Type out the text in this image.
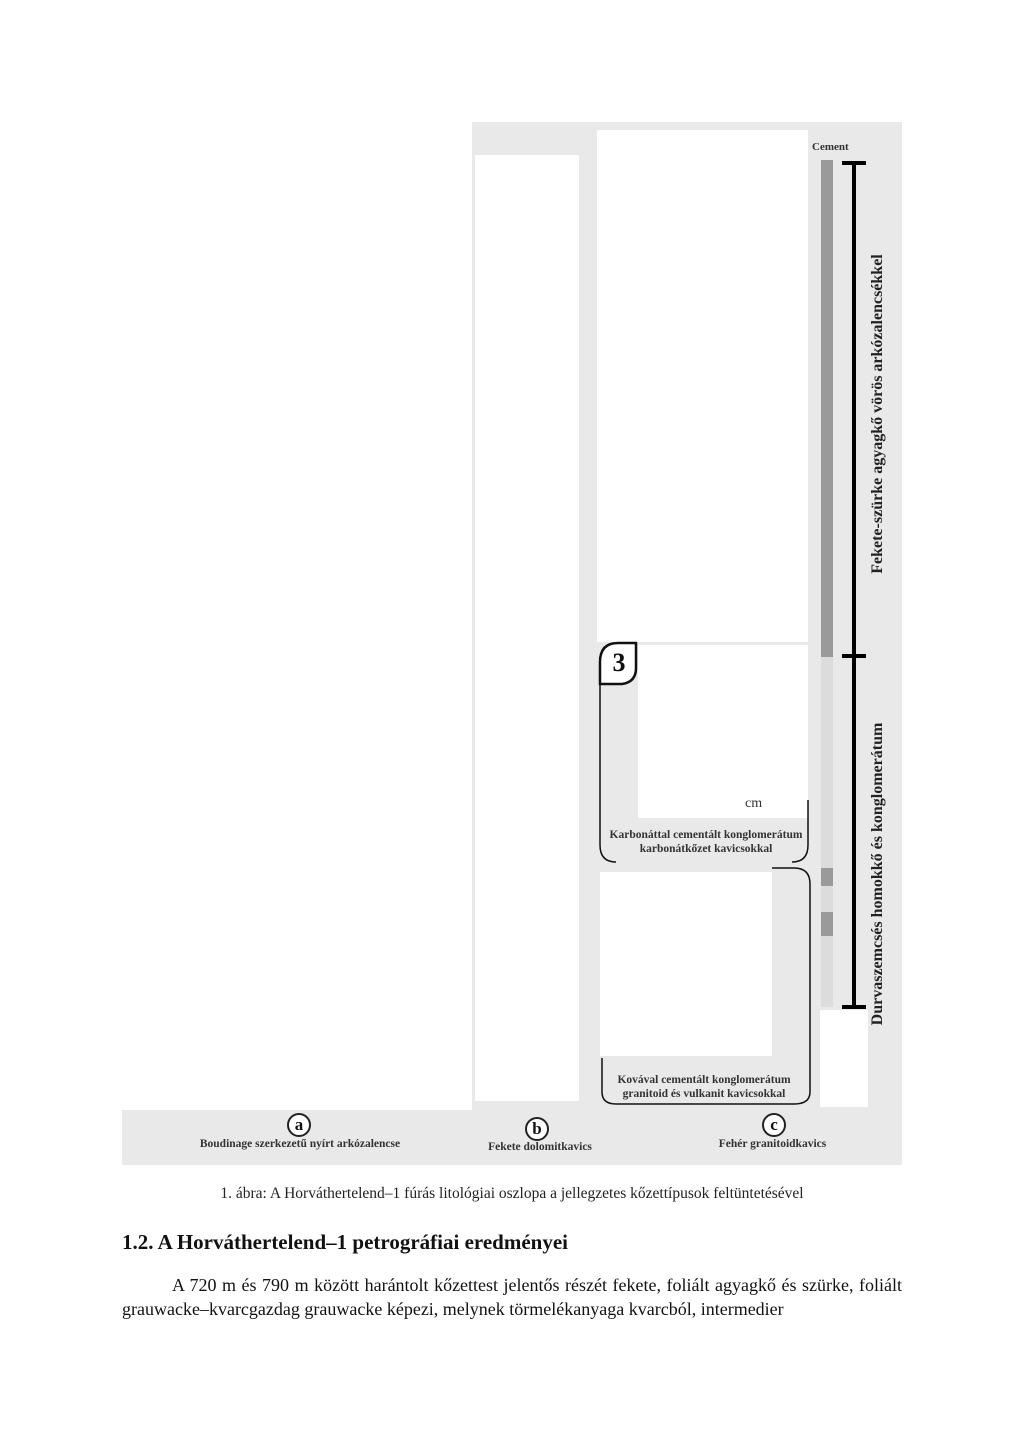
Cement
Fekete-szürke agyagkő vörös arkózalencsékkel
Durvaszemcsés homokkő és konglomerátum
3
cm
Karbonáttal cementált konglomerátum
karbonátkőzet kavicsokkal
Kovával cementált konglomerátum
granitoid és vulkanit kavicsokkal
a
Boudinage szerkezetű nyírt arkózalencse
b
Fekete dolomitkavics
c
Fehér granitoidkavics
1. ábra: A Horváthertelend–1 fúrás litológiai oszlopa a jellegzetes kőzettípusok feltüntetésével
1.2. A Horváthertelend–1 petrográfiai eredményei
A 720 m és 790 m között harántolt kőzettest jelentős részét fekete, foliált agyagkő és szürke, foliált grauwacke–kvarcgazdag grauwacke képezi, melynek törmelékanyaga kvarcból, intermedier
